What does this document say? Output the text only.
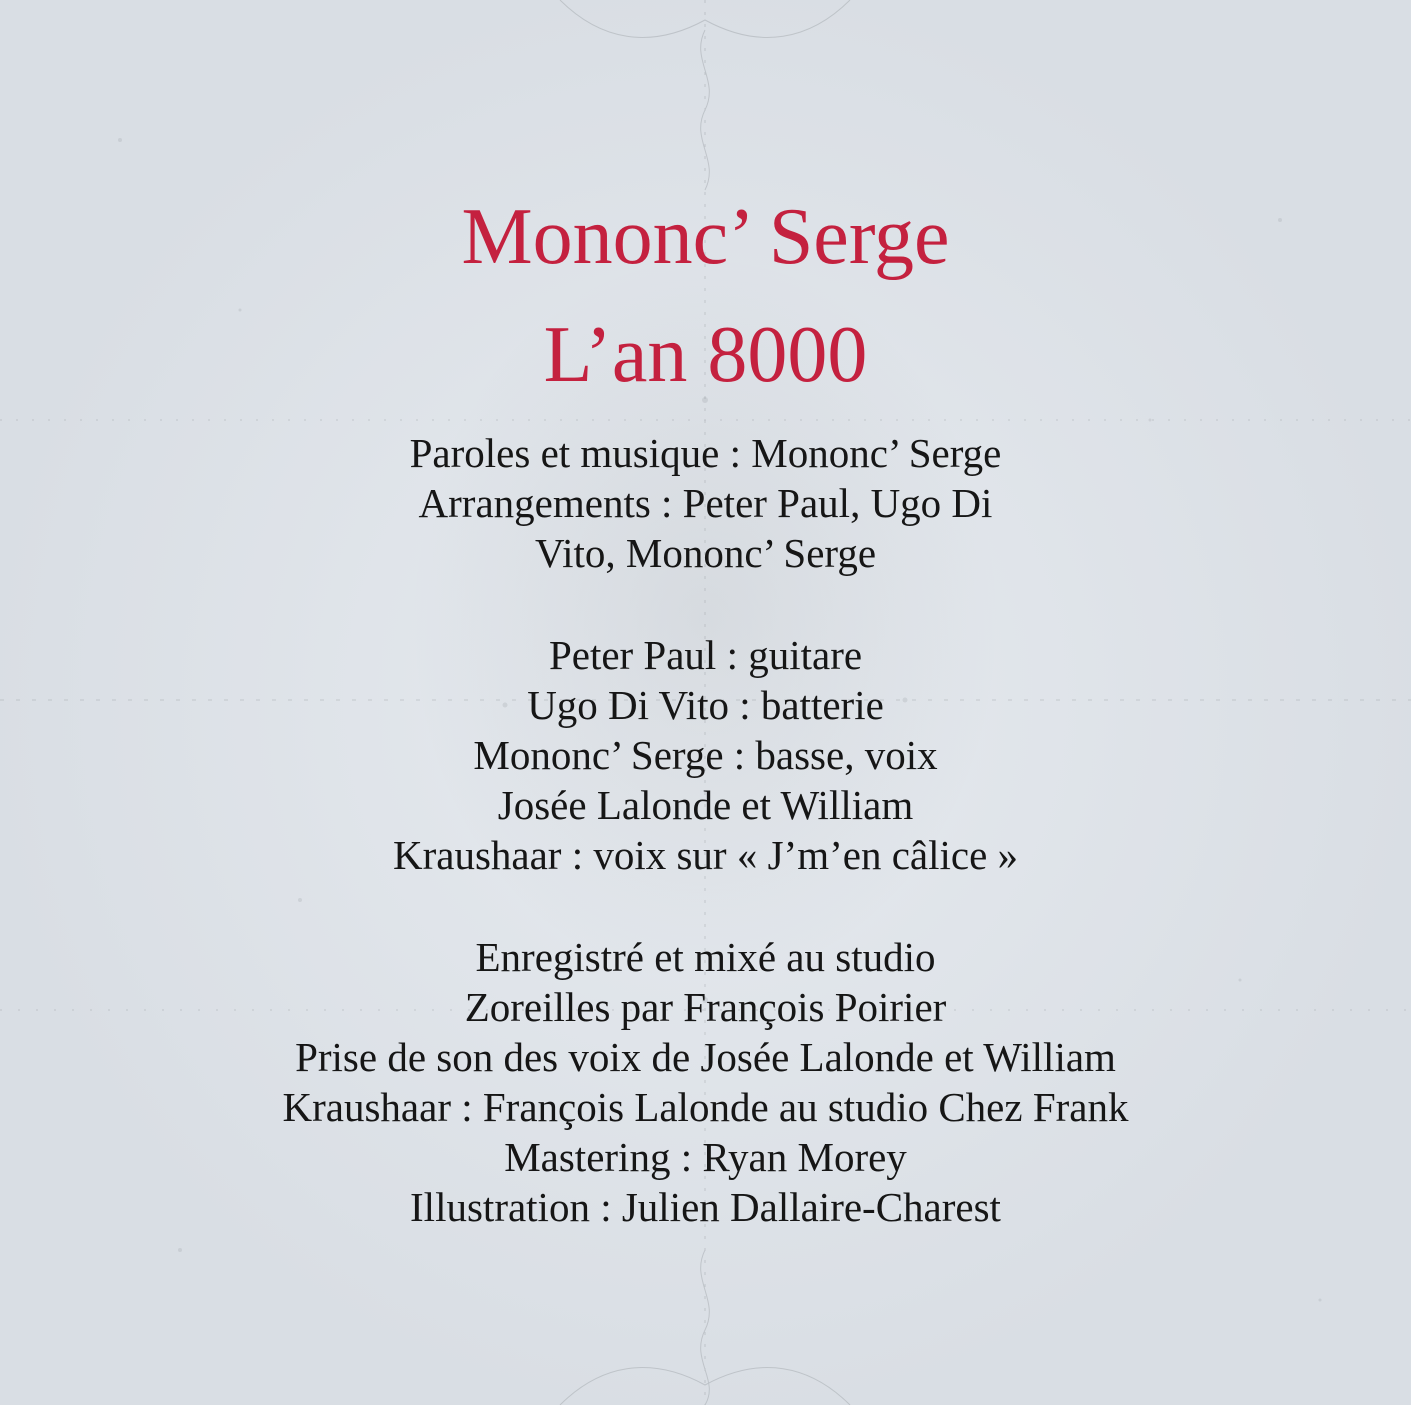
Mononc’ Serge
L’an 8000
Paroles et musique : Mononc’ Serge
Arrangements : Peter Paul, Ugo Di
Vito, Mononc’ Serge
Peter Paul : guitare
Ugo Di Vito : batterie
Mononc’ Serge : basse, voix
Josée Lalonde et William
Kraushaar : voix sur « J’m’en câlice »
Enregistré et mixé au studio
Zoreilles par François Poirier
Prise de son des voix de Josée Lalonde et William
Kraushaar : François Lalonde au studio Chez Frank
Mastering : Ryan Morey
Illustration : Julien Dallaire-Charest
